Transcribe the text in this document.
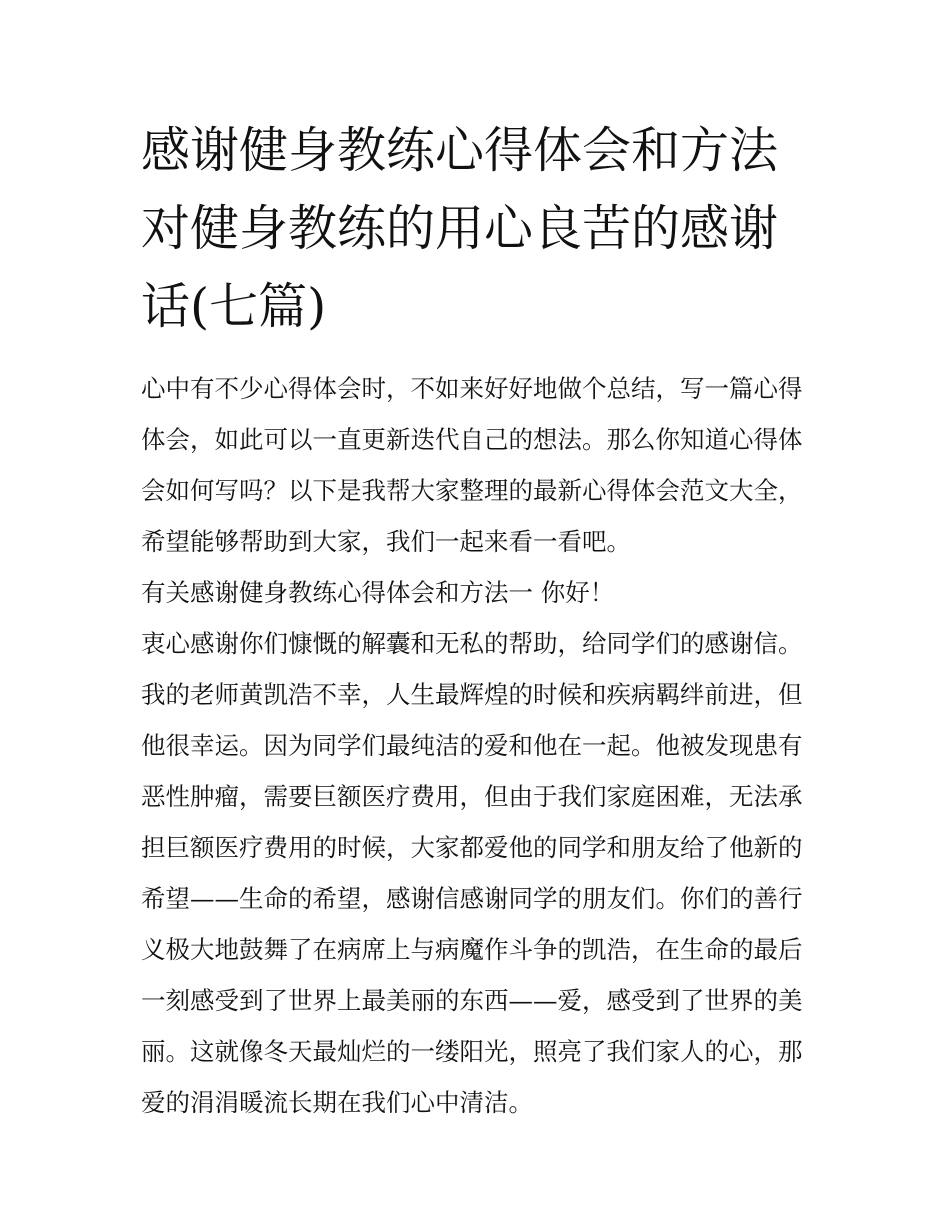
感谢健身教练心得体会和方法
对健身教练的用心良苦的感谢
话(七篇)
心中有不少心得体会时，不如来好好地做个总结，写一篇心得
体会，如此可以一直更新迭代自己的想法。那么你知道心得体
会如何写吗？以下是我帮大家整理的最新心得体会范文大全，
希望能够帮助到大家，我们一起来看一看吧。
有关感谢健身教练心得体会和方法一 你好！
衷心感谢你们慷慨的解囊和无私的帮助，给同学们的感谢信。
我的老师黄凯浩不幸，人生最辉煌的时候和疾病羁绊前进，但
他很幸运。因为同学们最纯洁的爱和他在一起。他被发现患有
恶性肿瘤，需要巨额医疗费用，但由于我们家庭困难，无法承
担巨额医疗费用的时候，大家都爱他的同学和朋友给了他新的
希望——生命的希望，感谢信感谢同学的朋友们。你们的善行
义极大地鼓舞了在病席上与病魔作斗争的凯浩，在生命的最后
一刻感受到了世界上最美丽的东西——爱，感受到了世界的美
丽。这就像冬天最灿烂的一缕阳光，照亮了我们家人的心，那
爱的涓涓暖流长期在我们心中清洁。
